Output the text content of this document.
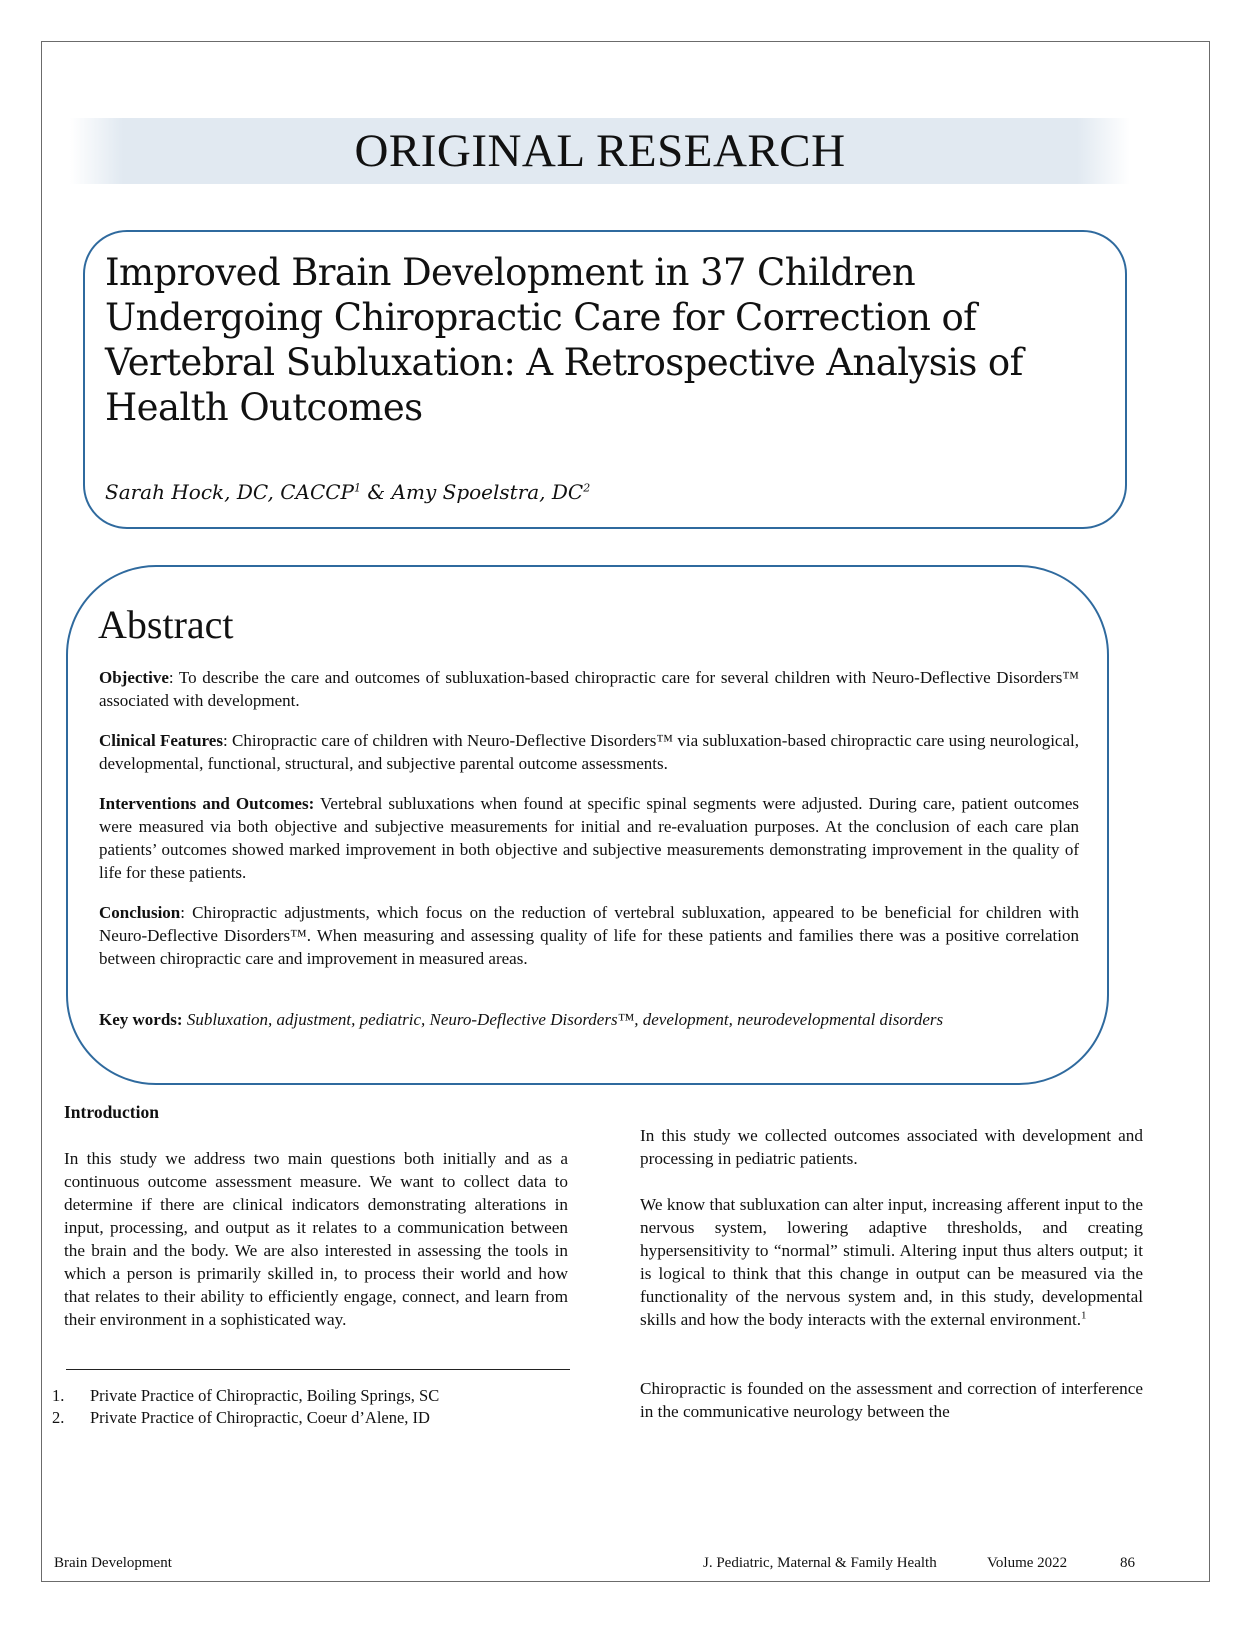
ORIGINAL RESEARCH
Improved Brain Development in 37 Children Undergoing Chiropractic Care for Correction of Vertebral Subluxation: A Retrospective Analysis of Health Outcomes
Sarah Hock, DC, CACCP$^1$ & Amy Spoelstra, $DC^2$
Abstract

Objective: To describe the care and outcomes of subluxation-based chiropractic care for several children with Neuro-Deflective Disorders™ associated with development.

Clinical Features: Chiropractic care of children with Neuro-Deflective Disorders™ via subluxation-based chiropractic care using neurological, developmental, functional, structural, and subjective parental outcome assessments.

Interventions and Outcomes: Vertebral subluxations when found at specific spinal segments were adjusted. During care, patient outcomes were measured via both objective and subjective measurements for initial and re-evaluation purposes. At the conclusion of each care plan patients’ outcomes showed marked improvement in both objective and subjective measurements demonstrating improvement in the quality of life for these patients.

Conclusion: Chiropractic adjustments, which focus on the reduction of vertebral subluxation, appeared to be beneficial for children with Neuro-Deflective Disorders™. When measuring and assessing quality of life for these patients and families there was a positive correlation between chiropractic care and improvement in measured areas.

Key words: Subluxation, adjustment, pediatric, Neuro-Deflective Disorders™, development, neurodevelopmental disorders

Introduction

In this study we address two main questions both initially and as a continuous outcome assessment measure. We want to collect data to determine if there are clinical indicators demonstrating alterations in input, processing, and output as it relates to a communication between the brain and the body. We are also interested in assessing the tools in which a person is primarily skilled in, to process their world and how that relates to their ability to efficiently engage, connect, and learn from their environment in a sophisticated way.

1.	Private Practice of Chiropractic, Boiling Springs, SC
2.	Private Practice of Chiropractic, Coeur d’Alene, ID

In this study we collected outcomes associated with development and processing in pediatric patients.

We know that subluxation can alter input, increasing afferent input to the nervous system, lowering adaptive thresholds, and creating hypersensitivity to “normal” stimuli. Altering input thus alters output; it is logical to think that this change in output can be measured via the functionality of the nervous system and, in this study, developmental skills and how the body interacts with the external environment.$^1$

Chiropractic is founded on the assessment and correction of interference in the communicative neurology between the

Brain Development	J. Pediatric, Maternal & Family Health	Volume 2022	86
